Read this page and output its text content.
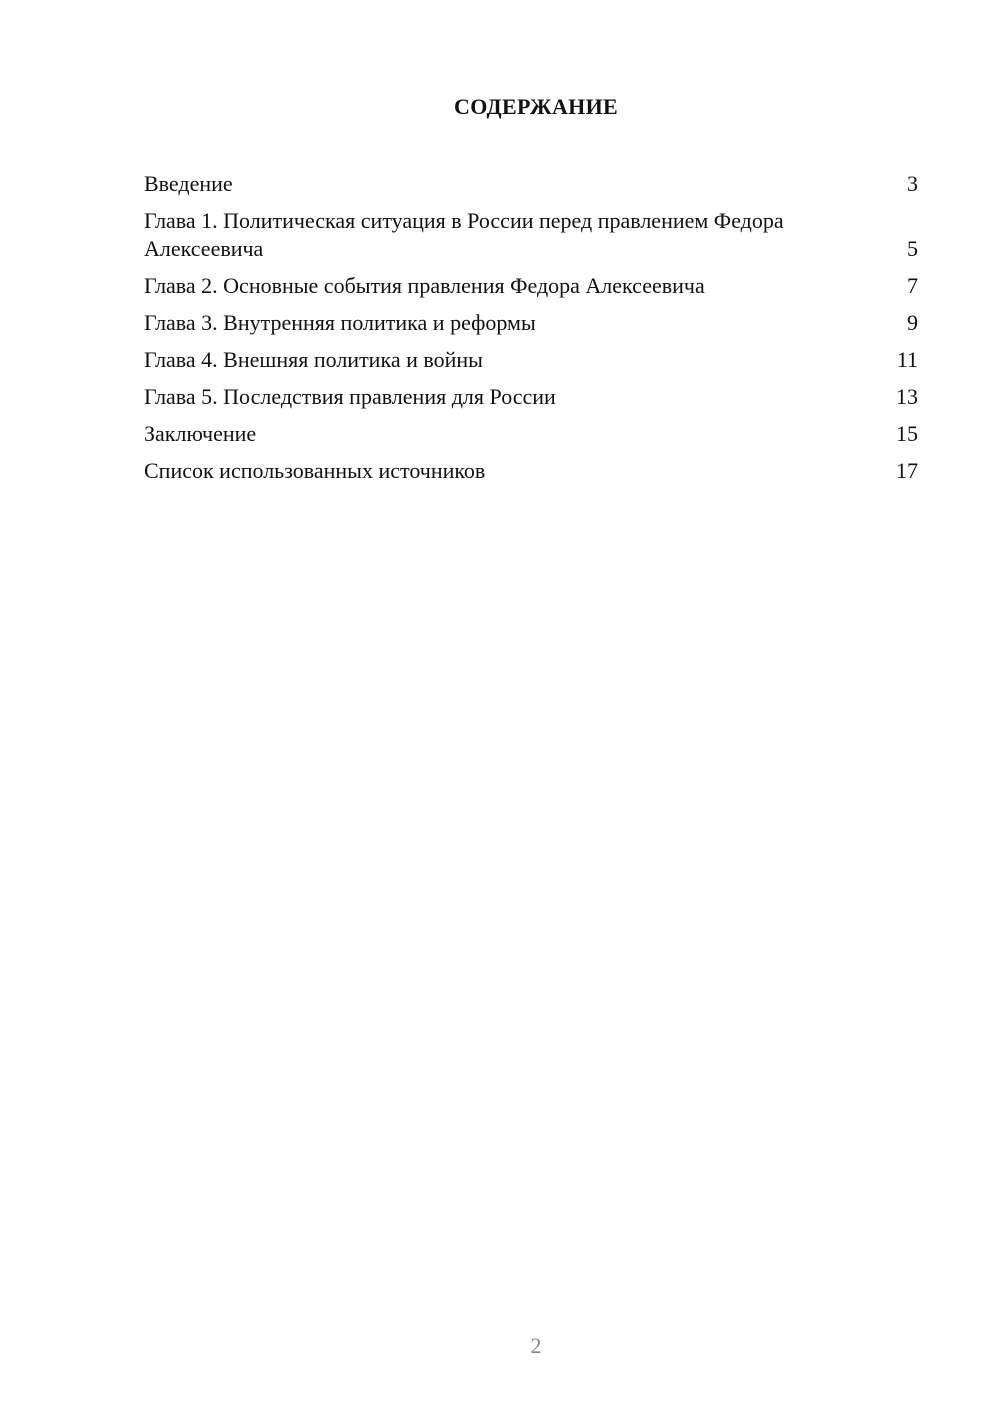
СОДЕРЖАНИЕ
Введение	3
Глава 1. Политическая ситуация в России перед правлением Федора Алексеевича	5
Глава 2. Основные события правления Федора Алексеевича	7
Глава 3. Внутренняя политика и реформы	9
Глава 4. Внешняя политика и войны	11
Глава 5. Последствия правления для России	13
Заключение	15
Список использованных источников	17
2
